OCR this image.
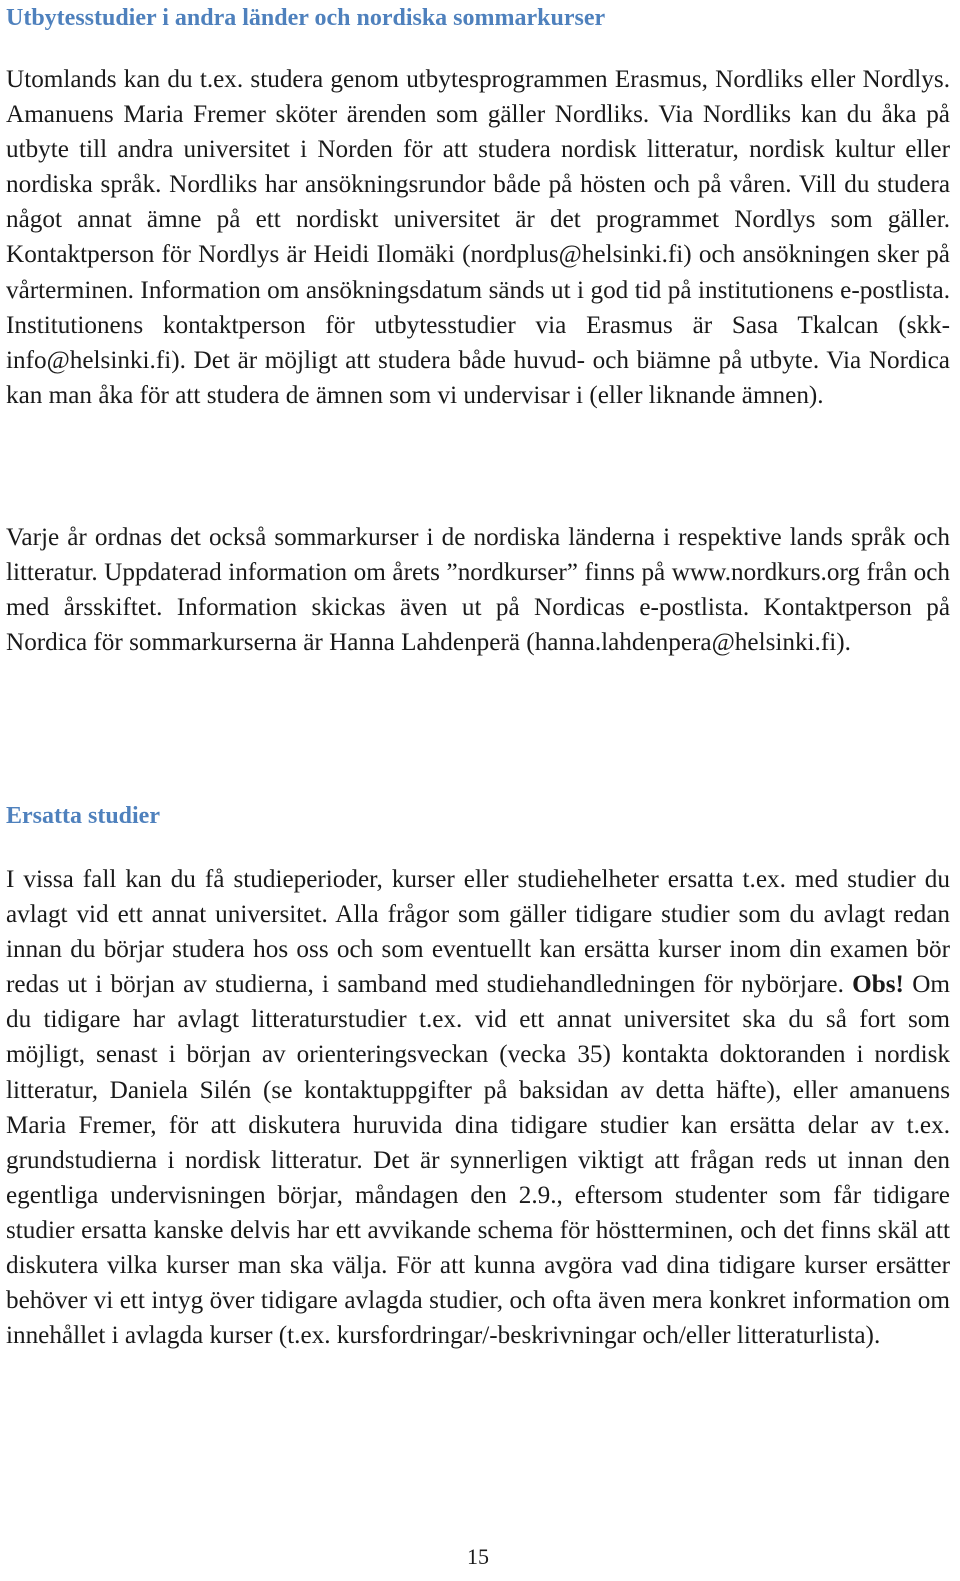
Utbytesstudier i andra länder och nordiska sommarkurser

Utomlands kan du t.ex. studera genom utbytesprogrammen Erasmus, Nordliks eller Nordlys. Amanuens Maria Fremer sköter ärenden som gäller Nordliks. Via Nordliks kan du åka på utbyte till andra universitet i Norden för att studera nordisk litteratur, nordisk kultur eller nordiska språk. Nordliks har ansökningsrundor både på hösten och på våren. Vill du studera något annat ämne på ett nordiskt universitet är det programmet Nordlys som gäller. Kontaktperson för Nordlys är Heidi Ilomäki (nordplus@helsinki.fi) och ansökningen sker på vårterminen. Information om ansökningsdatum sänds ut i god tid på institutionens e-postlista. Institutionens kontaktperson för utbytesstudier via Erasmus är Sasa Tkalcan (skk-info@helsinki.fi). Det är möjligt att studera både huvud- och biämne på utbyte. Via Nordica kan man åka för att studera de ämnen som vi undervisar i (eller liknande ämnen).

Varje år ordnas det också sommarkurser i de nordiska länderna i respektive lands språk och litteratur. Uppdaterad information om årets ”nordkurser” finns på www.nordkurs.org från och med årsskiftet. Information skickas även ut på Nordicas e-postlista. Kontaktperson på Nordica för sommarkurserna är Hanna Lahdenperä (hanna.lahdenpera@helsinki.fi).

Ersatta studier

I vissa fall kan du få studieperioder, kurser eller studiehelheter ersatta t.ex. med studier du avlagt vid ett annat universitet. Alla frågor som gäller tidigare studier som du avlagt redan innan du börjar studera hos oss och som eventuellt kan ersätta kurser inom din examen bör redas ut i början av studierna, i samband med studiehandledningen för nybörjare. Obs! Om du tidigare har avlagt litteraturstudier t.ex. vid ett annat universitet ska du så fort som möjligt, senast i början av orienteringsveckan (vecka 35) kontakta doktoranden i nordisk litteratur, Daniela Silén (se kontaktuppgifter på baksidan av detta häfte), eller amanuens Maria Fremer, för att diskutera huruvida dina tidigare studier kan ersätta delar av t.ex. grundstudierna i nordisk litteratur. Det är synnerligen viktigt att frågan reds ut innan den egentliga undervisningen börjar, måndagen den 2.9., eftersom studenter som får tidigare studier ersatta kanske delvis har ett avvikande schema för höstterminen, och det finns skäl att diskutera vilka kurser man ska välja. För att kunna avgöra vad dina tidigare kurser ersätter behöver vi ett intyg över tidigare avlagda studier, och ofta även mera konkret information om innehållet i avlagda kurser (t.ex. kursfordringar/-beskrivningar och/eller litteraturlista).

15
